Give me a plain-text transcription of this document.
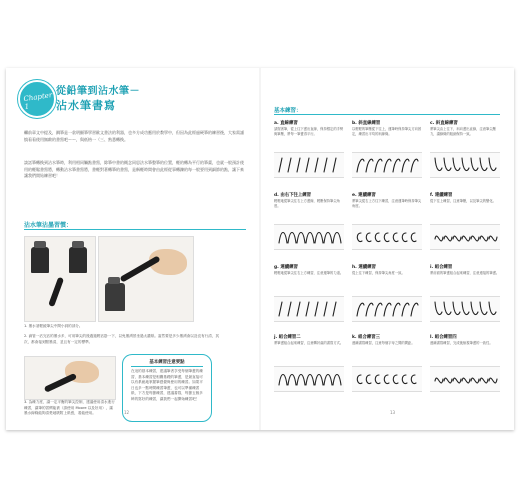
Chapter 1
從鉛筆到沾水筆－
沾水筆書寫
繼前章文中提及，鋼筆是一款明顯筆學習歐文書法的利器，也多方成功應用於教學中，但因為此經過硬筆的練習後，大家需謹慎看看使用無敵的書寫吧～～，與低格一（三、熟悉轉換。
談話筆轉換到沾水筆時，利用相同觸點書寫，除筆中書的概念同思法水筆整筆的位置，輕的轉為平行的筆畫，也就一般預計使用的輕鬆書寫將，轉動沾水筆書寫將，書輕對著轉筆的書寫，是稱輕時間會由此經從事轉鍊的每一般要用到細節的點，讓下來讓我們開始練習吧！
沾水筆沾墨習慣：
1. 墨水須輕緩筆尖中間小洞的部分。
2. 滴管一沾完沾的墨水多，可用筆尖的後過過輕沾掛一下，以免墨漬蔡坐過太濃紙。當然要是多少墨漬會以及沒有行清，其次，都會接到點墨清，並且有一定的標準。
3. 為練力度，讓一定平衡的筆尖控制，建議使用清水進行練習，讓筆的習慣能被（請使用 Moore 以及好用），讓墨水線條能夠清楚地吸附上紙張，看能使用。
基本練習注意要點
在這的基本練習，建議筆者享受每個筆畫的練習，基本練習是相關基礎的筆畫，是最直接可以有系統地掌握筆感覺與使用的練習。如果平日也多一點時間練習筆畫，也可以準備練習紙，下方是每節練習，建議書寫，每節五個多餘的寫好的練習，讓我們一起開始練習吧！
12
基本練習：
a. 直線練習
請握著筆，從上往下畫出直線，保持穩定的手勢與筆壓，將每一筆畫得平行。
b. 斜直線練習
以輕輕的筆壓從下往上，運筆時保持筆尖方向固定，練習出平均的斜線條。
c. 斜直線練習
將筆尖由上往下，斜向畫出直線，注意筆尖壓力，讓線條的粗細保持一致。
d. 由右下往上練習
輕輕地從筆尖往右上方畫線，輕壓保持筆尖角度。
e. 連續練習
將筆尖從右上方往下練習，注意運筆時保持筆尖角度。
f. 連續練習
從下往上練習，注意筆壓，以及筆尖的變化。
g. 連續練習
輕輕地從筆尖往右上方練習，注意運筆的力道。
h. 連續練習
從上往下練習，保持筆尖角度一致。
i. 組合練習
將前面的筆畫組合起來練習，注意連接的筆畫。
j. 組合練習二
將筆畫組合起來練習，注意轉折處的書寫方式。
k. 組合練習三
連續書寫練習，注意每個字母之間的間距。
l. 組合練習四
連續書寫練習，完成後檢視筆畫的一致性。
13
